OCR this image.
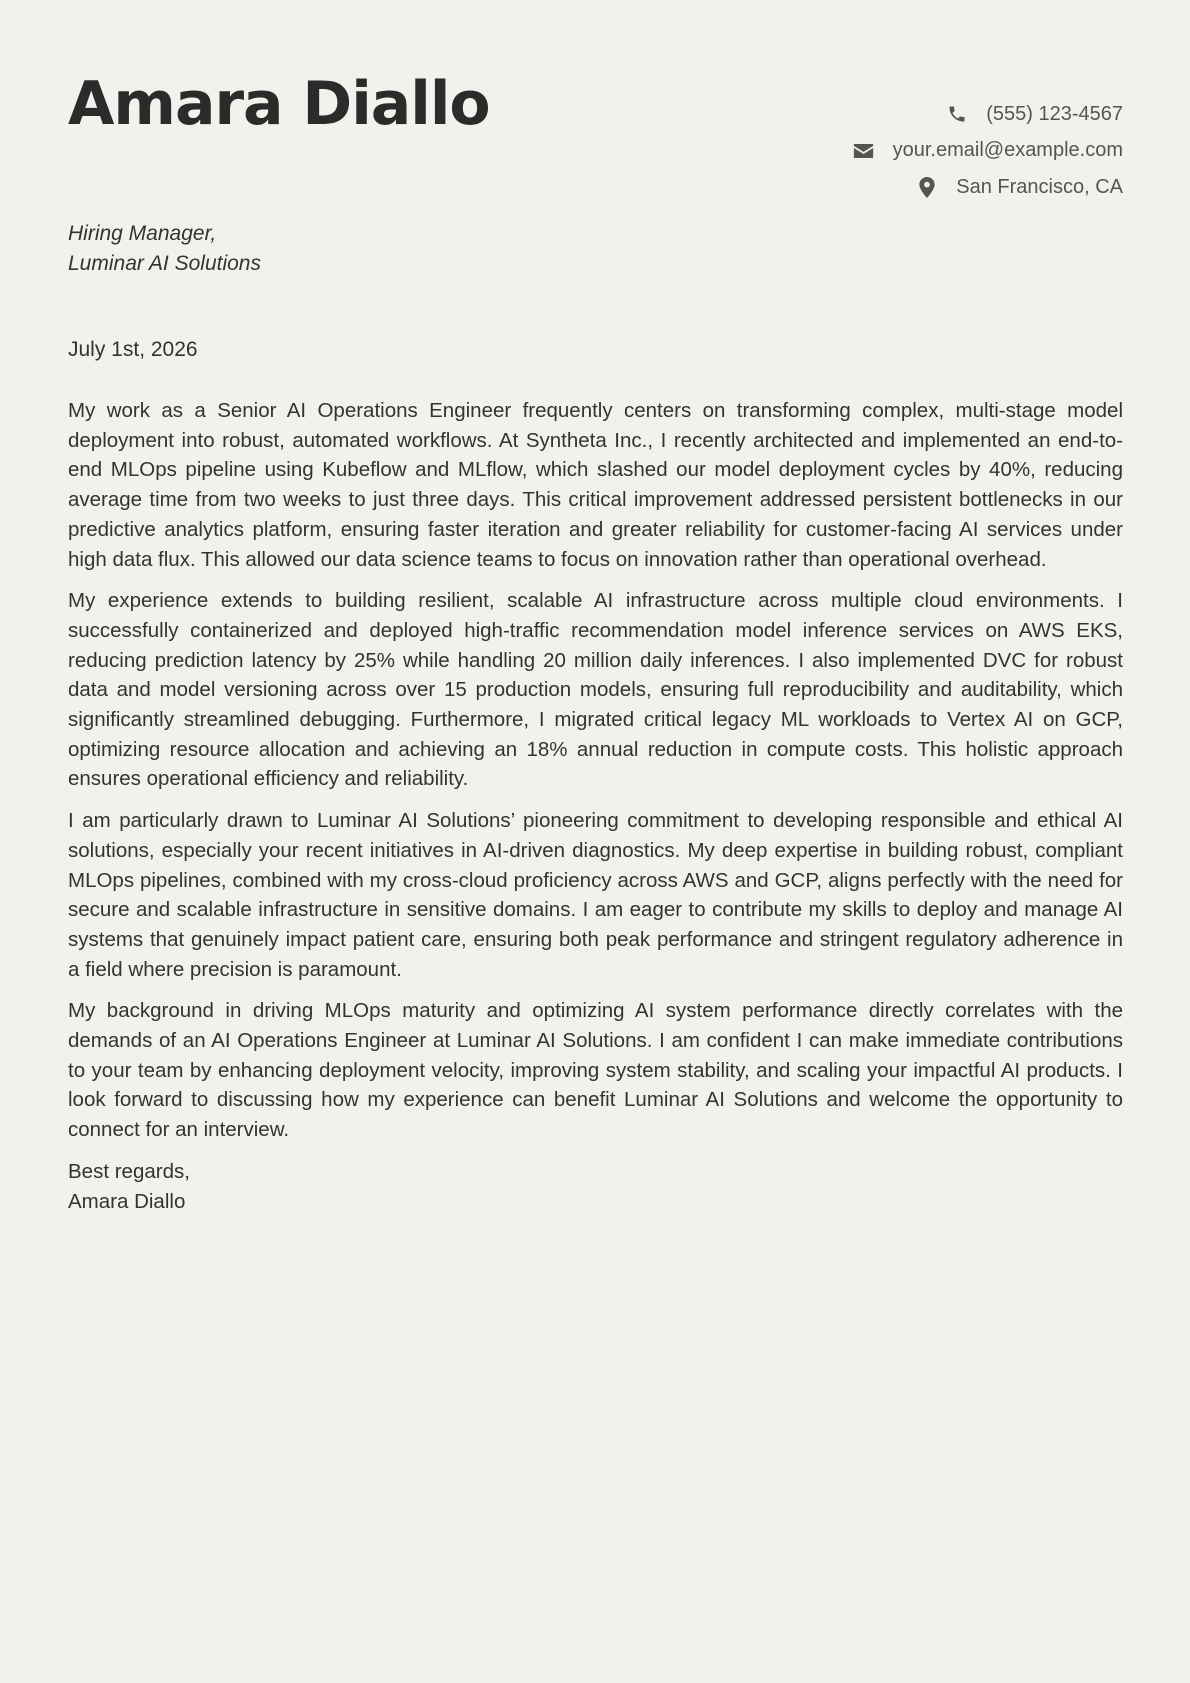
Amara Diallo	(555) 123-4567
your.email@example.com
San Francisco, CA
Hiring Manager,
Luminar AI Solutions
July 1st, 2026

My work as a Senior AI Operations Engineer frequently centers on transforming complex, multi-stage model deployment into robust, automated workflows. At Syntheta Inc., I recently architected and implemented an end-to-end MLOps pipeline using Kubeflow and MLflow, which slashed our model deployment cycles by 40%, reducing average time from two weeks to just three days. This critical improvement addressed persistent bottlenecks in our predictive analytics platform, ensuring faster iteration and greater reliability for customer-facing AI services under high data flux. This allowed our data science teams to focus on innovation rather than operational overhead.

My experience extends to building resilient, scalable AI infrastructure across multiple cloud environments. I successfully containerized and deployed high-traffic recommendation model inference services on AWS EKS, reducing prediction latency by 25% while handling 20 million daily inferences. I also implemented DVC for robust data and model versioning across over 15 production models, ensuring full reproducibility and auditability, which significantly streamlined debugging. Furthermore, I migrated critical legacy ML workloads to Vertex AI on GCP, optimizing resource allocation and achieving an 18% annual reduction in compute costs. This holistic approach ensures operational efficiency and reliability.

I am particularly drawn to Luminar AI Solutions’ pioneering commitment to developing responsible and ethical AI solutions, especially your recent initiatives in AI-driven diagnostics. My deep expertise in building robust, compliant MLOps pipelines, combined with my cross-cloud proficiency across AWS and GCP, aligns perfectly with the need for secure and scalable infrastructure in sensitive domains. I am eager to contribute my skills to deploy and manage AI systems that genuinely impact patient care, ensuring both peak performance and stringent regulatory adherence in a field where precision is paramount.

My background in driving MLOps maturity and optimizing AI system performance directly correlates with the demands of an AI Operations Engineer at Luminar AI Solutions. I am confident I can make immediate contributions to your team by enhancing deployment velocity, improving system stability, and scaling your impactful AI products. I look forward to discussing how my experience can benefit Luminar AI Solutions and welcome the opportunity to connect for an interview.

Best regards,
Amara Diallo
